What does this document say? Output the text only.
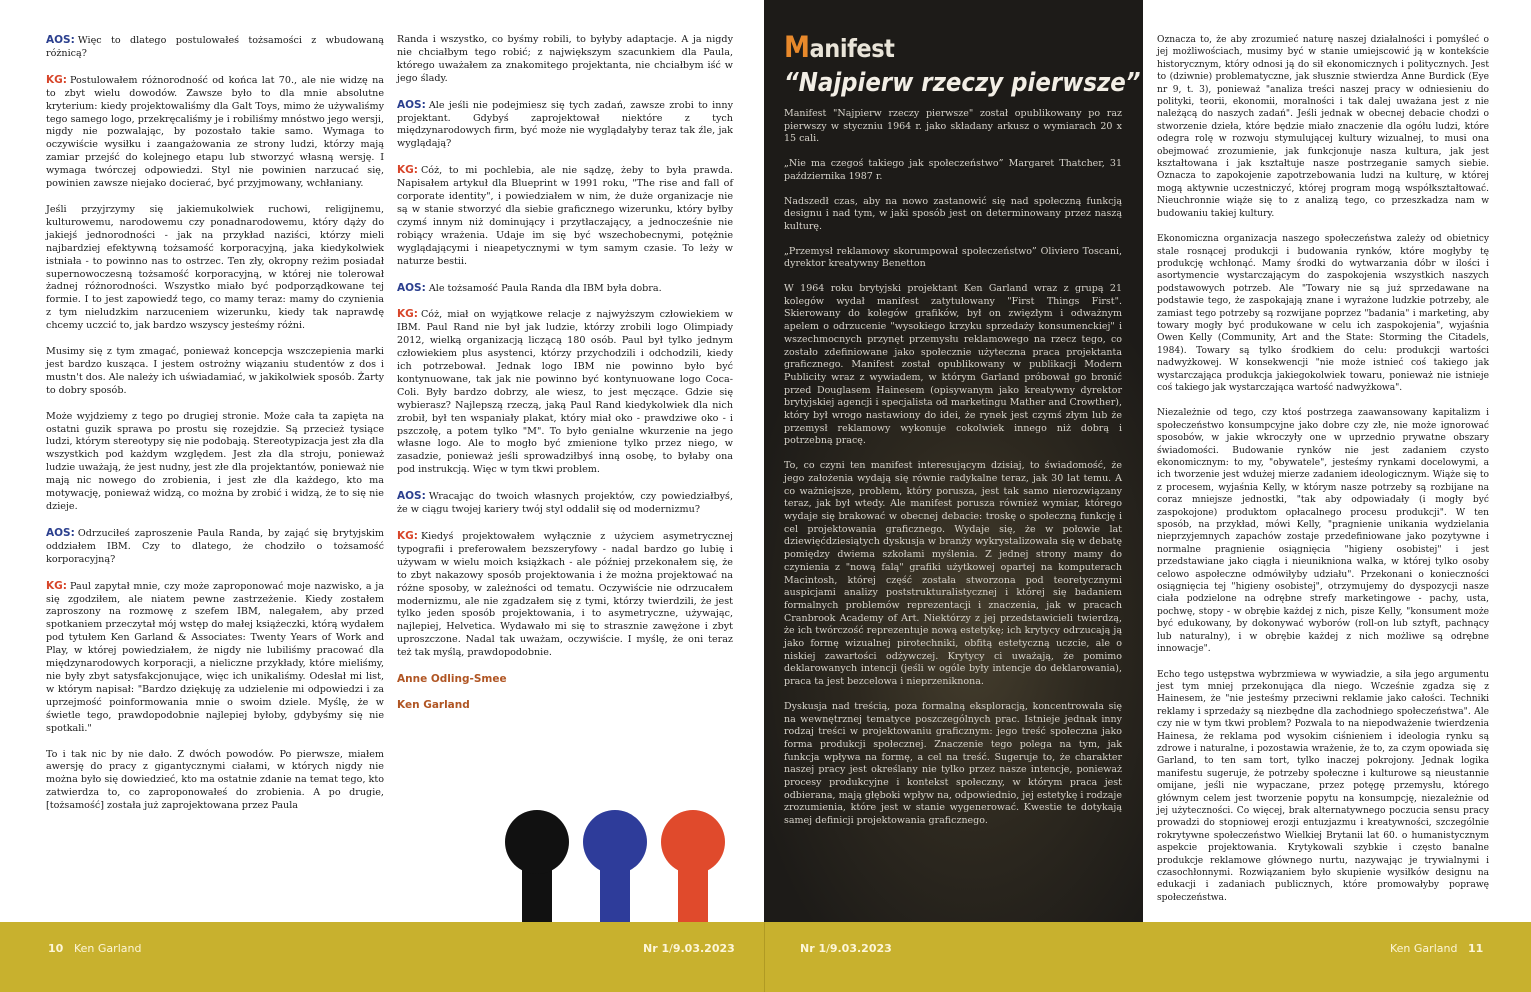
AOS: Więc to dlatego postulowałeś tożsamości z wbudowaną różnicą?

KG: Postulowałem różnorodność od końca lat 70., ale nie widzę na to zbyt wielu dowodów. Zawsze było to dla mnie absolutne kryterium: kiedy projektowaliśmy dla Galt Toys, mimo że używaliśmy tego samego logo, przekręcaliśmy je i robiliśmy mnóstwo jego wersji, nigdy nie pozwalając, by pozostało takie samo. Wymaga to oczywiście wysiłku i zaangażowania ze strony ludzi, którzy mają zamiar przejść do kolejnego etapu lub stworzyć własną wersję. I wymaga twórczej odpowiedzi. Styl nie powinien narzucać się, powinien zawsze niejako docierać, być przyjmowany, wchłaniany.

Jeśli przyjrzymy się jakiemukolwiek ruchowi, religijnemu, kulturowemu, narodowemu czy ponadnarodowemu, który dąży do jakiejś jednorodności - jak na przykład naziści, którzy mieli najbardziej efektywną tożsamość korporacyjną, jaka kiedykolwiek istniała - to powinno nas to ostrzec. Ten zły, okropny reżim posiadał supernowoczesną tożsamość korporacyjną, w której nie tolerował żadnej różnorodności. Wszystko miało być podporządkowane tej formie. I to jest zapowiedź tego, co mamy teraz: mamy do czynienia z tym nieludzkim narzuceniem wizerunku, kiedy tak naprawdę chcemy uczcić to, jak bardzo wszyscy jesteśmy różni.

Musimy się z tym zmagać, ponieważ koncepcja wszczepienia marki jest bardzo kusząca. I jestem ostrożny wiązaniu studentów z dos i mustn't dos. Ale należy ich uświadamiać, w jakikolwiek sposób. Żarty to dobry sposób.

Może wyjdziemy z tego po drugiej stronie. Może cała ta zapięta na ostatni guzik sprawa po prostu się rozejdzie. Są przecież tysiące ludzi, którym stereotypy się nie podobają. Stereotypizacja jest zła dla wszystkich pod każdym względem. Jest zła dla stroju, ponieważ ludzie uważają, że jest nudny, jest złe dla projektantów, ponieważ nie mają nic nowego do zrobienia, i jest złe dla każdego, kto ma motywację, ponieważ widzą, co można by zrobić i widzą, że to się nie dzieje.

AOS: Odrzuciłeś zaproszenie Paula Randa, by zająć się brytyjskim oddziałem IBM. Czy to dlatego, że chodziło o tożsamość korporacyjną?

KG: Paul zapytał mnie, czy może zaproponować moje nazwisko, a ja się zgodziłem, ale niatem pewne zastrzeżenie. Kiedy zostałem zaproszony na rozmowę z szefem IBM, nalegałem, aby przed spotkaniem przeczytał mój wstęp do małej książeczki, którą wydałem pod tytułem Ken Garland & Associates: Twenty Years of Work and Play, w której powiedziałem, że nigdy nie lubiliśmy pracować dla międzynarodowych korporacji, a nieliczne przykłady, które mieliśmy, nie były zbyt satysfakcjonujące, więc ich unikaliśmy. Odesłał mi list, w którym napisał: "Bardzo dziękuję za udzielenie mi odpowiedzi i za uprzejmość poinformowania mnie o swoim dziele. Myślę, że w świetle tego, prawdopodobnie najlepiej byłoby, gdybyśmy się nie spotkali."

To i tak nic by nie dało. Z dwóch powodów. Po pierwsze, miałem awersję do pracy z gigantycznymi ciałami, w których nigdy nie można było się dowiedzieć, kto ma ostatnie zdanie na temat tego, kto zatwierdza to, co zaproponowałeś do zrobienia. A po drugie, [tożsamość] została już zaprojektowana przez Paula

Randa i wszystko, co byśmy robili, to byłyby adaptacje. A ja nigdy nie chciałbym tego robić; z największym szacunkiem dla Paula, którego uważałem za znakomitego projektanta, nie chciałbym iść w jego ślady.

AOS: Ale jeśli nie podejmiesz się tych zadań, zawsze zrobi to inny projektant. Gdybyś zaprojektował niektóre z tych międzynarodowych firm, być może nie wyglądałyby teraz tak źle, jak wyglądają?

KG: Cóż, to mi pochlebia, ale nie sądzę, żeby to była prawda. Napisałem artykuł dla Blueprint w 1991 roku, "The rise and fall of corporate identity", i powiedziałem w nim, że duże organizacje nie są w stanie stworzyć dla siebie graficznego wizerunku, który byłby czymś innym niż dominujący i przytłaczający, a jednocześnie nie robiący wrażenia. Udaje im się być wszechobecnymi, potężnie wyglądającymi i nieapetycznymi w tym samym czasie. To leży w naturze bestii.

AOS: Ale tożsamość Paula Randa dla IBM była dobra.

KG: Cóż, miał on wyjątkowe relacje z najwyższym człowiekiem w IBM. Paul Rand nie był jak ludzie, którzy zrobili logo Olimpiady 2012, wielką organizacją liczącą 180 osób. Paul był tylko jednym człowiekiem plus asystenci, którzy przychodzili i odchodzili, kiedy ich potrzebował. Jednak logo IBM nie powinno było być kontynuowane, tak jak nie powinno być kontynuowane logo Coca-Coli. Były bardzo dobrzy, ale wiesz, to jest męczące. Gdzie się wybierasz? Najlepszą rzeczą, jaką Paul Rand kiedykolwiek dla nich zrobił, był ten wspaniały plakat, który miał oko - prawdziwe oko - i pszczołę, a potem tylko "M". To było genialne wkurzenie na jego własne logo. Ale to mogło być zmienione tylko przez niego, w zasadzie, ponieważ jeśli sprowadziłbyś inną osobę, to byłaby ona pod instrukcją. Więc w tym tkwi problem.

AOS: Wracając do twoich własnych projektów, czy powiedziałbyś, że w ciągu twojej kariery twój styl oddalił się od modernizmu?

KG: Kiedyś projektowałem wyłącznie z użyciem asymetrycznej typografii i preferowałem bezszeryfowy - nadal bardzo go lubię i używam w wielu moich książkach - ale później przekonałem się, że to zbyt nakazowy sposób projektowania i że można projektować na różne sposoby, w zależności od tematu. Oczywiście nie odrzucałem modernizmu, ale nie zgadzałem się z tymi, którzy twierdzili, że jest tylko jeden sposób projektowania, i to asymetryczne, używając, najlepiej, Helvetica. Wydawało mi się to strasznie zawężone i zbyt uproszczone. Nadal tak uważam, oczywiście. I myślę, że oni teraz też tak myślą, prawdopodobnie.

Anne Odling-Smee

Ken Garland

Manifest
“Najpierw rzeczy pierwsze”

Manifest "Najpierw rzeczy pierwsze" został opublikowany po raz pierwszy w styczniu 1964 r. jako składany arkusz o wymiarach 20 x 15 cali.

„Nie ma czegoś takiego jak społeczeństwo” Margaret Thatcher, 31 października 1987 r.

Nadszedł czas, aby na nowo zastanowić się nad społeczną funkcją designu i nad tym, w jaki sposób jest on determinowany przez naszą kulturę.

„Przemysł reklamowy skorumpował społeczeństwo” Oliviero Toscani, dyrektor kreatywny Benetton

W 1964 roku brytyjski projektant Ken Garland wraz z grupą 21 kolegów wydał manifest zatytułowany "First Things First". Skierowany do kolegów grafików, był on zwięzłym i odważnym apelem o odrzucenie "wysokiego krzyku sprzedaży konsumenckiej" i wszechmocnych przynęt przemysłu reklamowego na rzecz tego, co zostało zdefiniowane jako społecznie użyteczna praca projektanta graficznego. Manifest został opublikowany w publikacji Modern Publicity wraz z wywiadem, w którym Garland próbował go bronić przed Douglasem Hainesem (opisywanym jako kreatywny dyrektor brytyjskiej agencji i specjalista od marketingu Mather and Crowther), który był wrogo nastawiony do idei, że rynek jest czymś złym lub że przemysł reklamowy wykonuje cokolwiek innego niż dobrą i potrzebną pracę.

To, co czyni ten manifest interesującym dzisiaj, to świadomość, że jego założenia wydają się równie radykalne teraz, jak 30 lat temu. A co ważniejsze, problem, który porusza, jest tak samo nierozwiązany teraz, jak był wtedy. Ale manifest porusza również wymiar, którego wydaje się brakować w obecnej debacie: troskę o społeczną funkcję i cel projektowania graficznego. Wydaje się, że w połowie lat dziewięćdziesiątych dyskusja w branży wykrystalizowała się w debatę pomiędzy dwiema szkołami myślenia. Z jednej strony mamy do czynienia z "nową falą" grafiki użytkowej opartej na komputerach Macintosh, której część została stworzona pod teoretycznymi auspicjami analizy poststrukturalistycznej i której się badaniem formalnych problemów reprezentacji i znaczenia, jak w pracach Cranbrook Academy of Art. Niektórzy z jej przedstawicieli twierdzą, że ich twórczość reprezentuje nową estetykę; ich krytycy odrzucają ją jako formę wizualnej pirotechniki, obfitą estetyczną uczcie, ale o niskiej zawartości odżywczej. Krytycy ci uważają, że pomimo deklarowanych intencji (jeśli w ogóle były intencje do deklarowania), praca ta jest bezcelowa i nieprzeniknona.

Dyskusja nad treścią, poza formalną eksploracją, koncentrowała się na wewnętrznej tematyce poszczególnych prac. Istnieje jednak inny rodzaj treści w projektowaniu graficznym: jego treść społeczna jako forma produkcji społecznej. Znaczenie tego polega na tym, jak funkcja wpływa na formę, a cel na treść. Sugeruje to, że charakter naszej pracy jest określany nie tylko przez nasze intencje, ponieważ procesy produkcyjne i kontekst społeczny, w którym praca jest odbierana, mają głęboki wpływ na, odpowiednio, jej estetykę i rodzaje zrozumienia, które jest w stanie wygenerować. Kwestie te dotykają samej definicji projektowania graficznego.

Oznacza to, że aby zrozumieć naturę naszej działalności i pomyśleć o jej możliwościach, musimy być w stanie umiejscowić ją w kontekście historycznym, który odnosi ją do sił ekonomicznych i politycznych. Jest to (dziwnie) problematyczne, jak słusznie stwierdza Anne Burdick (Eye nr 9, t. 3), ponieważ "analiza treści naszej pracy w odniesieniu do polityki, teorii, ekonomii, moralności i tak dalej uważana jest z nie należącą do naszych zadań". Jeśli jednak w obecnej debacie chodzi o stworzenie dzieła, które będzie miało znaczenie dla ogółu ludzi, które odegra rolę w rozwoju stymulującej kultury wizualnej, to musi ona obejmować zrozumienie, jak funkcjonuje nasza kultura, jak jest kształtowana i jak kształtuje nasze postrzeganie samych siebie. Oznacza to zapokojenie zapotrzebowania ludzi na kulturę, w której mogą aktywnie uczestniczyć, której program mogą współkształtować. Nieuchronnie wiąże się to z analizą tego, co przeszkadza nam w budowaniu takiej kultury.

Ekonomiczna organizacja naszego społeczeństwa zależy od obietnicy stale rosnącej produkcji i budowania rynków, które mogłyby tę produkcję wchłonąć. Mamy środki do wytwarzania dóbr w ilości i asortymencie wystarczającym do zaspokojenia wszystkich naszych podstawowych potrzeb. Ale "Towary nie są już sprzedawane na podstawie tego, że zaspokajają znane i wyrażone ludzkie potrzeby, ale zamiast tego potrzeby są rozwijane poprzez "badania" i marketing, aby towary mogły być produkowane w celu ich zaspokojenia", wyjaśnia Owen Kelly (Community, Art and the State: Storming the Citadels, 1984). Towary są tylko środkiem do celu: produkcji wartości nadwyżkowej. W konsekwencji "nie może istnieć coś takiego jak wystarczająca produkcja jakiegokolwiek towaru, ponieważ nie istnieje coś takiego jak wystarczająca wartość nadwyżkowa".

Niezależnie od tego, czy ktoś postrzega zaawansowany kapitalizm i społeczeństwo konsumpcyjne jako dobre czy złe, nie może ignorować sposobów, w jakie wkroczyły one w uprzednio prywatne obszary świadomości. Budowanie rynków nie jest zadaniem czysto ekonomicznym: to my, "obywatele", jesteśmy rynkami docelowymi, a ich tworzenie jest wdużej mierze zadaniem ideologicznym. Wiąże się to z procesem, wyjaśnia Kelly, w którym nasze potrzeby są rozbijane na coraz mniejsze jednostki, "tak aby odpowiadały (i mogły być zaspokojone) produktom opłacalnego procesu produkcji". W ten sposób, na przykład, mówi Kelly, "pragnienie unikania wydzielania nieprzyjemnych zapachów zostaje przedefiniowane jako pozytywne i normalne pragnienie osiągnięcia "higieny osobistej" i jest przedstawiane jako ciągła i nieunikniona walka, w której tylko osoby celowo aspołeczne odmówiłyby udziału". Przekonani o konieczności osiągnięcia tej "higieny osobistej", otrzymujemy do dyspozycji nasze ciała podzielone na odrębne strefy marketingowe - pachy, usta, pochwę, stopy - w obrębie każdej z nich, pisze Kelly, "konsument może być edukowany, by dokonywać wyborów (roll-on lub sztyft, pachnący lub naturalny), i w obrębie każdej z nich możliwe są odrębne innowacje".

Echo tego ustępstwa wybrzmiewa w wywiadzie, a siła jego argumentu jest tym mniej przekonująca dla niego. Wcześnie zgadza się z Hainesem, że "nie jesteśmy przeciwni reklamie jako całości. Techniki reklamy i sprzedaży są niezbędne dla zachodniego społeczeństwa". Ale czy nie w tym tkwi problem? Pozwala to na niepodważenie twierdzenia Hainesa, że reklama pod wysokim ciśnieniem i ideologia rynku są zdrowe i naturalne, i pozostawia wrażenie, że to, za czym opowiada się Garland, to ten sam tort, tylko inaczej pokrojony. Jednak logika manifestu sugeruje, że potrzeby społeczne i kulturowe są nieustannie omijane, jeśli nie wypaczane, przez potęgę przemysłu, którego głównym celem jest tworzenie popytu na konsumpcję, niezależnie od jej użyteczności. Co więcej, brak alternatywnego poczucia sensu pracy prowadzi do stopniowej erozji entuzjazmu i kreatywności, szczególnie rokrytywne społeczeństwo Wielkiej Brytanii lat 60. o humanistycznym aspekcie projektowania. Krytykowali szybkie i często banalne produkcje reklamowe głównego nurtu, nazywając je trywialnymi i czasochłonnymi. Rozwiązaniem było skupienie wysiłków designu na edukacji i zadaniach publicznych, które promowałyby poprawę społeczeństwa.

10 Ken Garland	Nr 1/9.03.2023	Nr 1/9.03.2023	Ken Garland 11
